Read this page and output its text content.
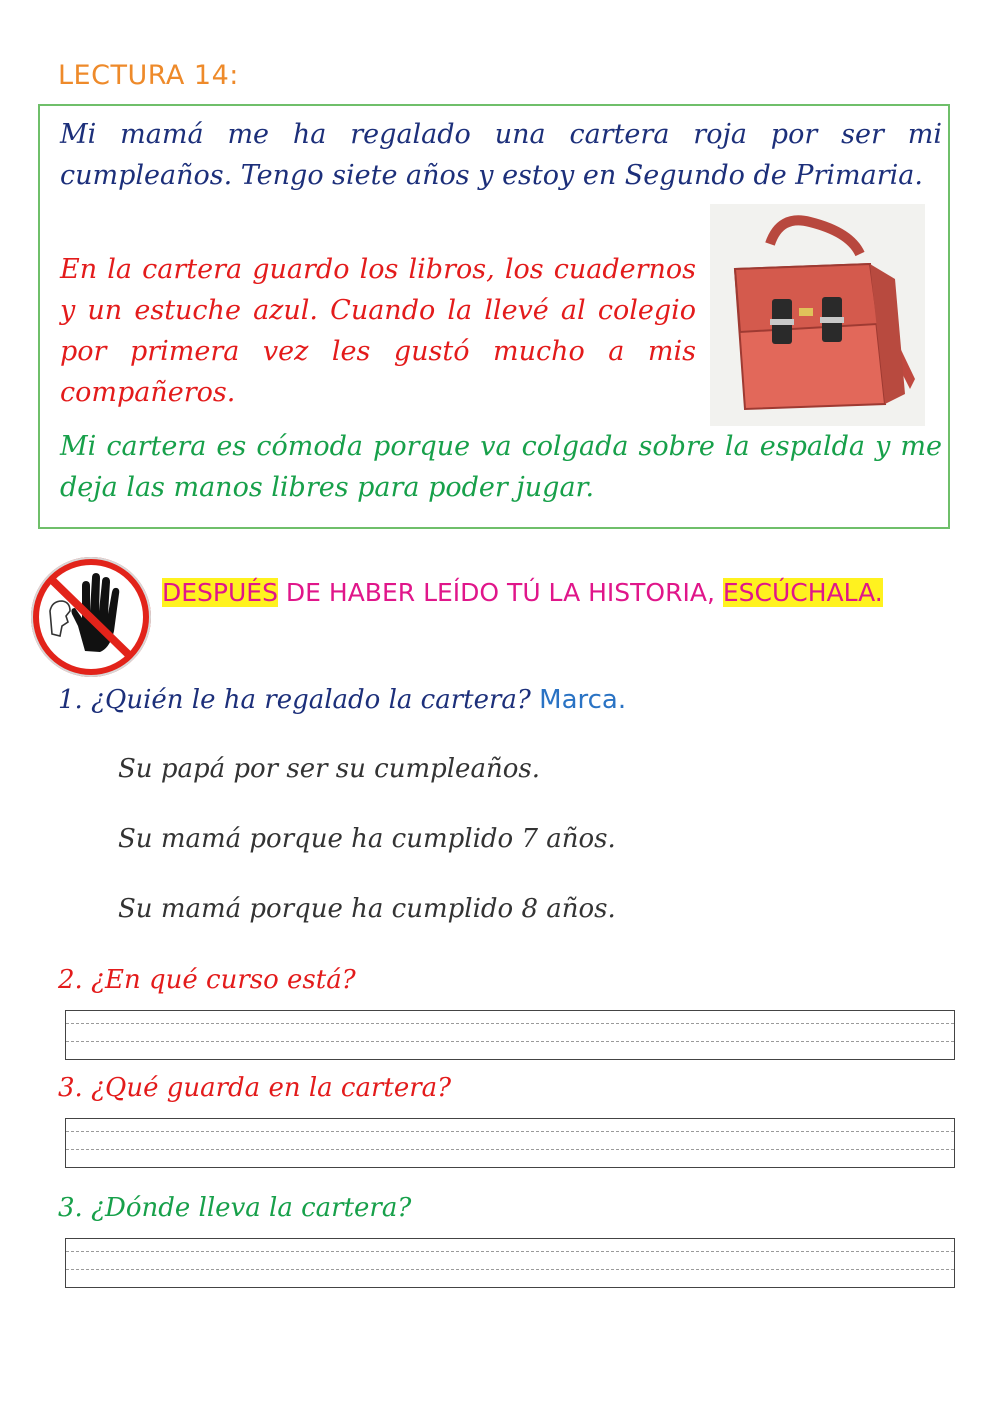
LECTURA 14:

Mi mamá me ha regalado una cartera roja por ser mi cumpleaños. Tengo siete años y estoy en Segundo de Primaria.

En la cartera guardo los libros, los cuadernos y un estuche azul. Cuando la llevé al colegio por primera vez les gustó mucho a mis compañeros.

Mi cartera es cómoda porque va colgada sobre la espalda y me deja las manos libres para poder jugar.

DESPUÉS DE HABER LEÍDO TÚ LA HISTORIA, ESCÚCHALA.
1. ¿Quién le ha regalado la cartera? Marca.
Su papá por ser su cumpleaños.
Su mamá porque ha cumplido 7 años.
Su mamá porque ha cumplido 8 años.
2. ¿En qué curso está?
3. ¿Qué guarda en la cartera?
3. ¿Dónde lleva la cartera?
